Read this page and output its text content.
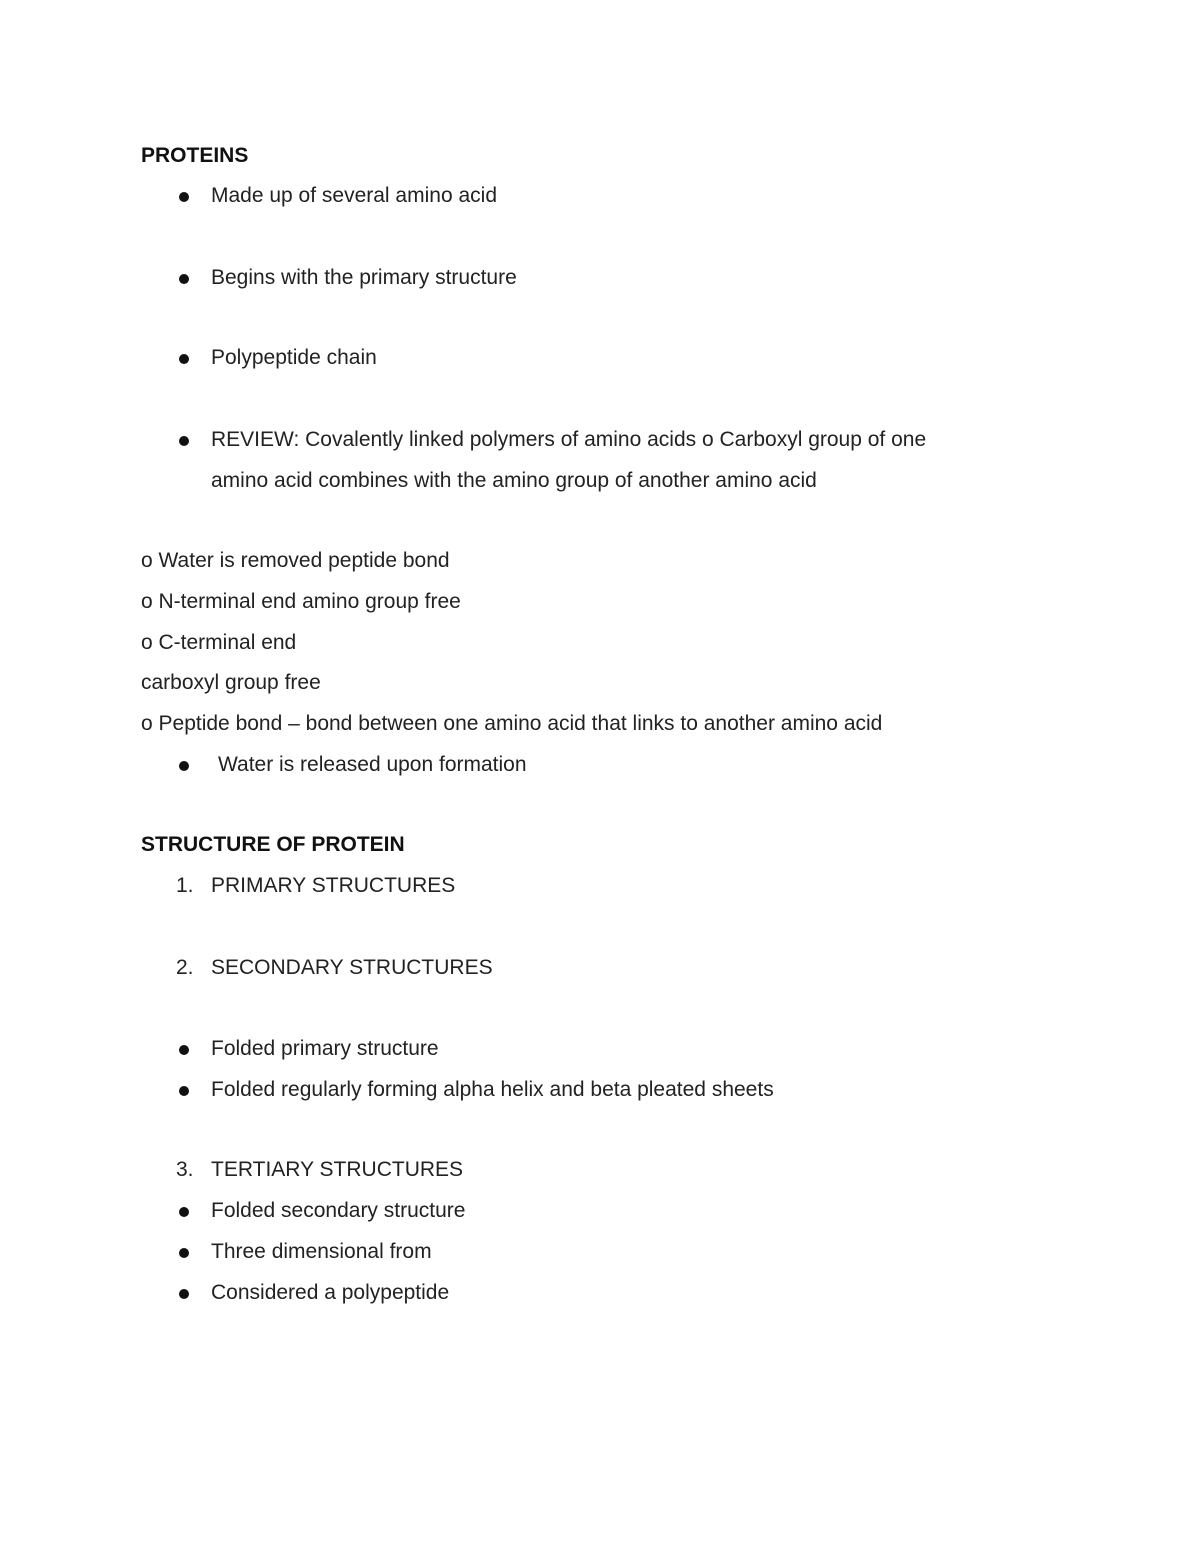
PROTEINS
Made up of several amino acid
Begins with the primary structure
Polypeptide chain
REVIEW: Covalently linked polymers of amino acids o Carboxyl group of one
amino acid combines with the amino group of another amino acid
o Water is removed peptide bond
o N-terminal end amino group free
o C-terminal end
carboxyl group free
o Peptide bond – bond between one amino acid that links to another amino acid
Water is released upon formation
STRUCTURE OF PROTEIN
1. PRIMARY STRUCTURES
2. SECONDARY STRUCTURES
Folded primary structure
Folded regularly forming alpha helix and beta pleated sheets
3. TERTIARY STRUCTURES
Folded secondary structure
Three dimensional from
Considered a polypeptide
